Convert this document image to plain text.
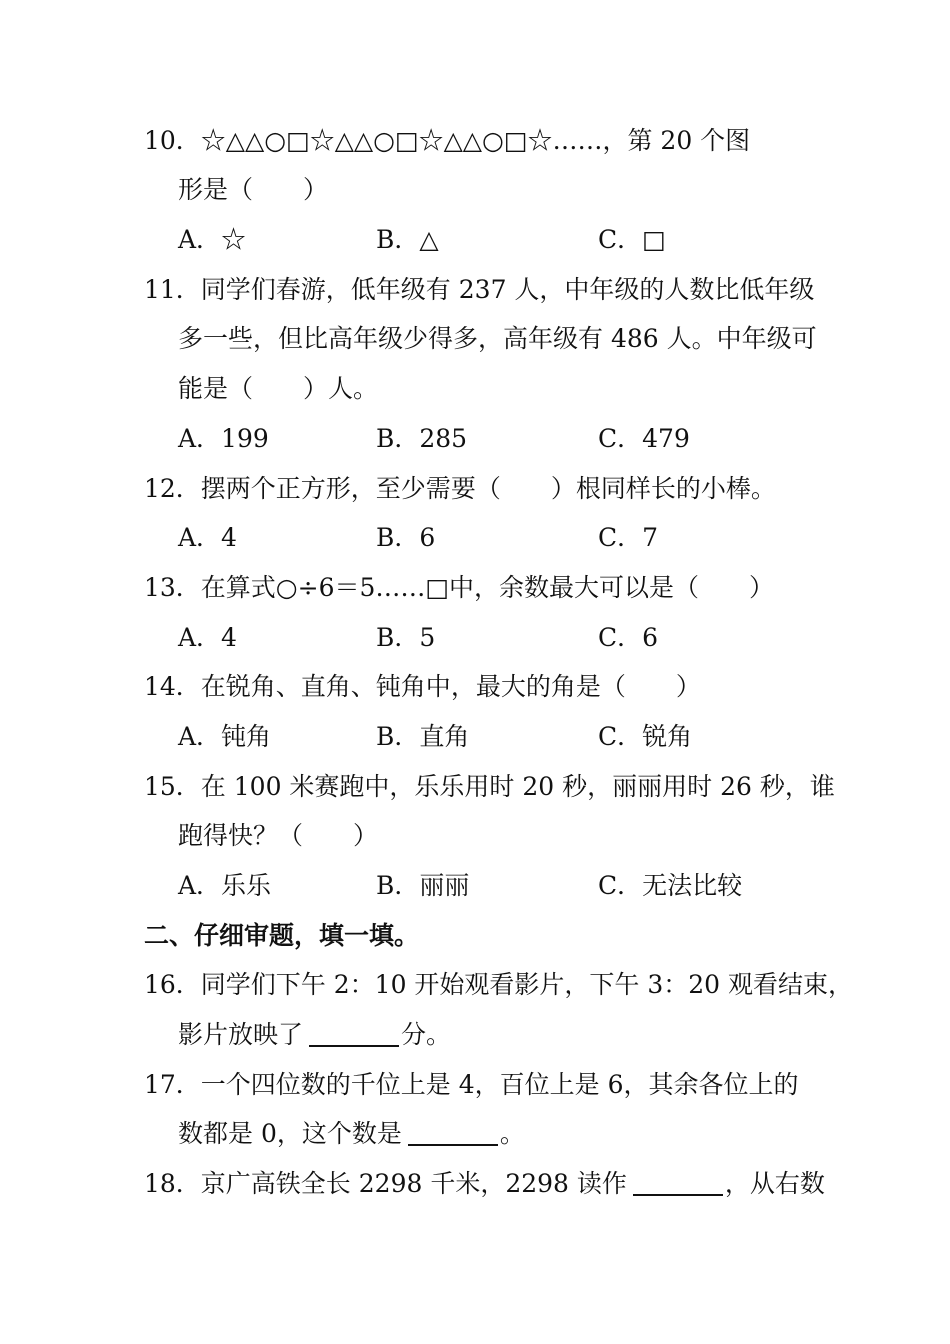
10．☆△△○□☆△△○□☆△△○□☆……，第 20 个图
形是（　　）
A．☆	B．△	C．□
11．同学们春游，低年级有 237 人，中年级的人数比低年级
多一些，但比高年级少得多，高年级有 486 人。中年级可
能是（　　）人。
A．199	B．285	C．479
12．摆两个正方形，至少需要（　　）根同样长的小棒。
A．4	B．6	C．7
13．在算式○÷6＝5……□中，余数最大可以是（　　）
A．4	B．5	C．6
14．在锐角、直角、钝角中，最大的角是（　　）
A．钝角	B．直角	C．锐角
15．在 100 米赛跑中，乐乐用时 20 秒，丽丽用时 26 秒，谁
跑得快？（　　）
A．乐乐	B．丽丽	C．无法比较
二、仔细审题，填一填。
16．同学们下午 2：10 开始观看影片，下午 3：20 观看结束，
影片放映了	分。
17．一个四位数的千位上是 4，百位上是 6，其余各位上的
数都是 0，这个数是	。
18．京广高铁全长 2298 千米，2298 读作	，从右数
